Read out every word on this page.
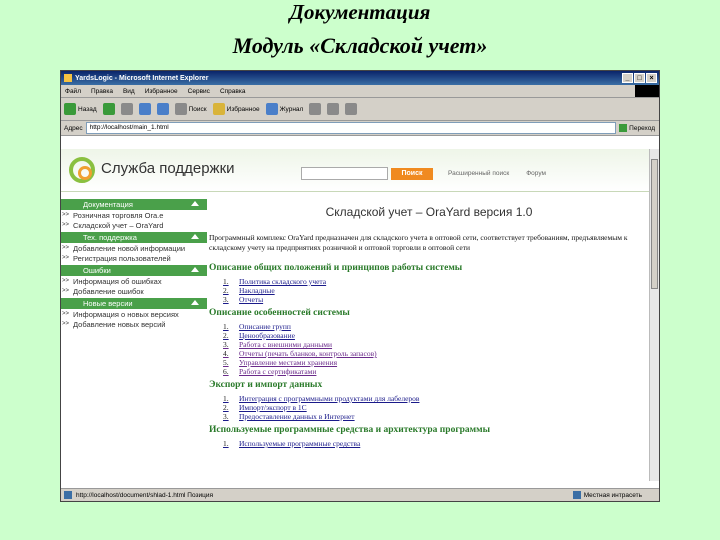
Документация
Модуль «Складской учет»
YardsLogic - Microsoft Internet Explorer	_	□	×
Файл Правка Вид Избранное Сервис Справка
Назад	Поиск	Избранное	Журнал
Адрес http://localhost/main_1.html	Переход
Служба поддержки
Документация
>> Розничная торговля Ora.е
>> Складской учет – OraYard
Тех. поддержка
>> Добавление новой информации
>> Регистрация пользователей
Ошибки
>> Информация об ошибках
>> Добавление ошибок
Новые версии
>> Информация о новых версиях
>> Добавление новых версий
Складской учет – OraYard версия 1.0
Программный комплекс OraYard предназначен для складского учета в оптовой сети, соответствует требованиям, предъявляемым к складскому учету на предприятиях розничной и оптовой торговли в оптовой сети
Описание общих положений и принципов работы системы
1.	Политика складского учета
2.	Накладные
3.	Отчеты
Описание особенностей системы
1.	Описание групп
2.	Ценообразование
3.	Работа с внешними данными
4.	Отчеты (печать бланков, контроль запасов)
5.	Управление местами хранения
6.	Работа с сертификатами
Экспорт и импорт данных
1.	Интеграция с программными продуктами для лабелеров
2.	Импорт/экспорт в 1С
3.	Предоставление данных в Интернет
Используемые программные средства и архитектура программы
1.	Используемые программные средства
Поиск	Расширенный поиск	Форум
http://localhost/document/shlad-1.html Позиция	Местная интрасеть
